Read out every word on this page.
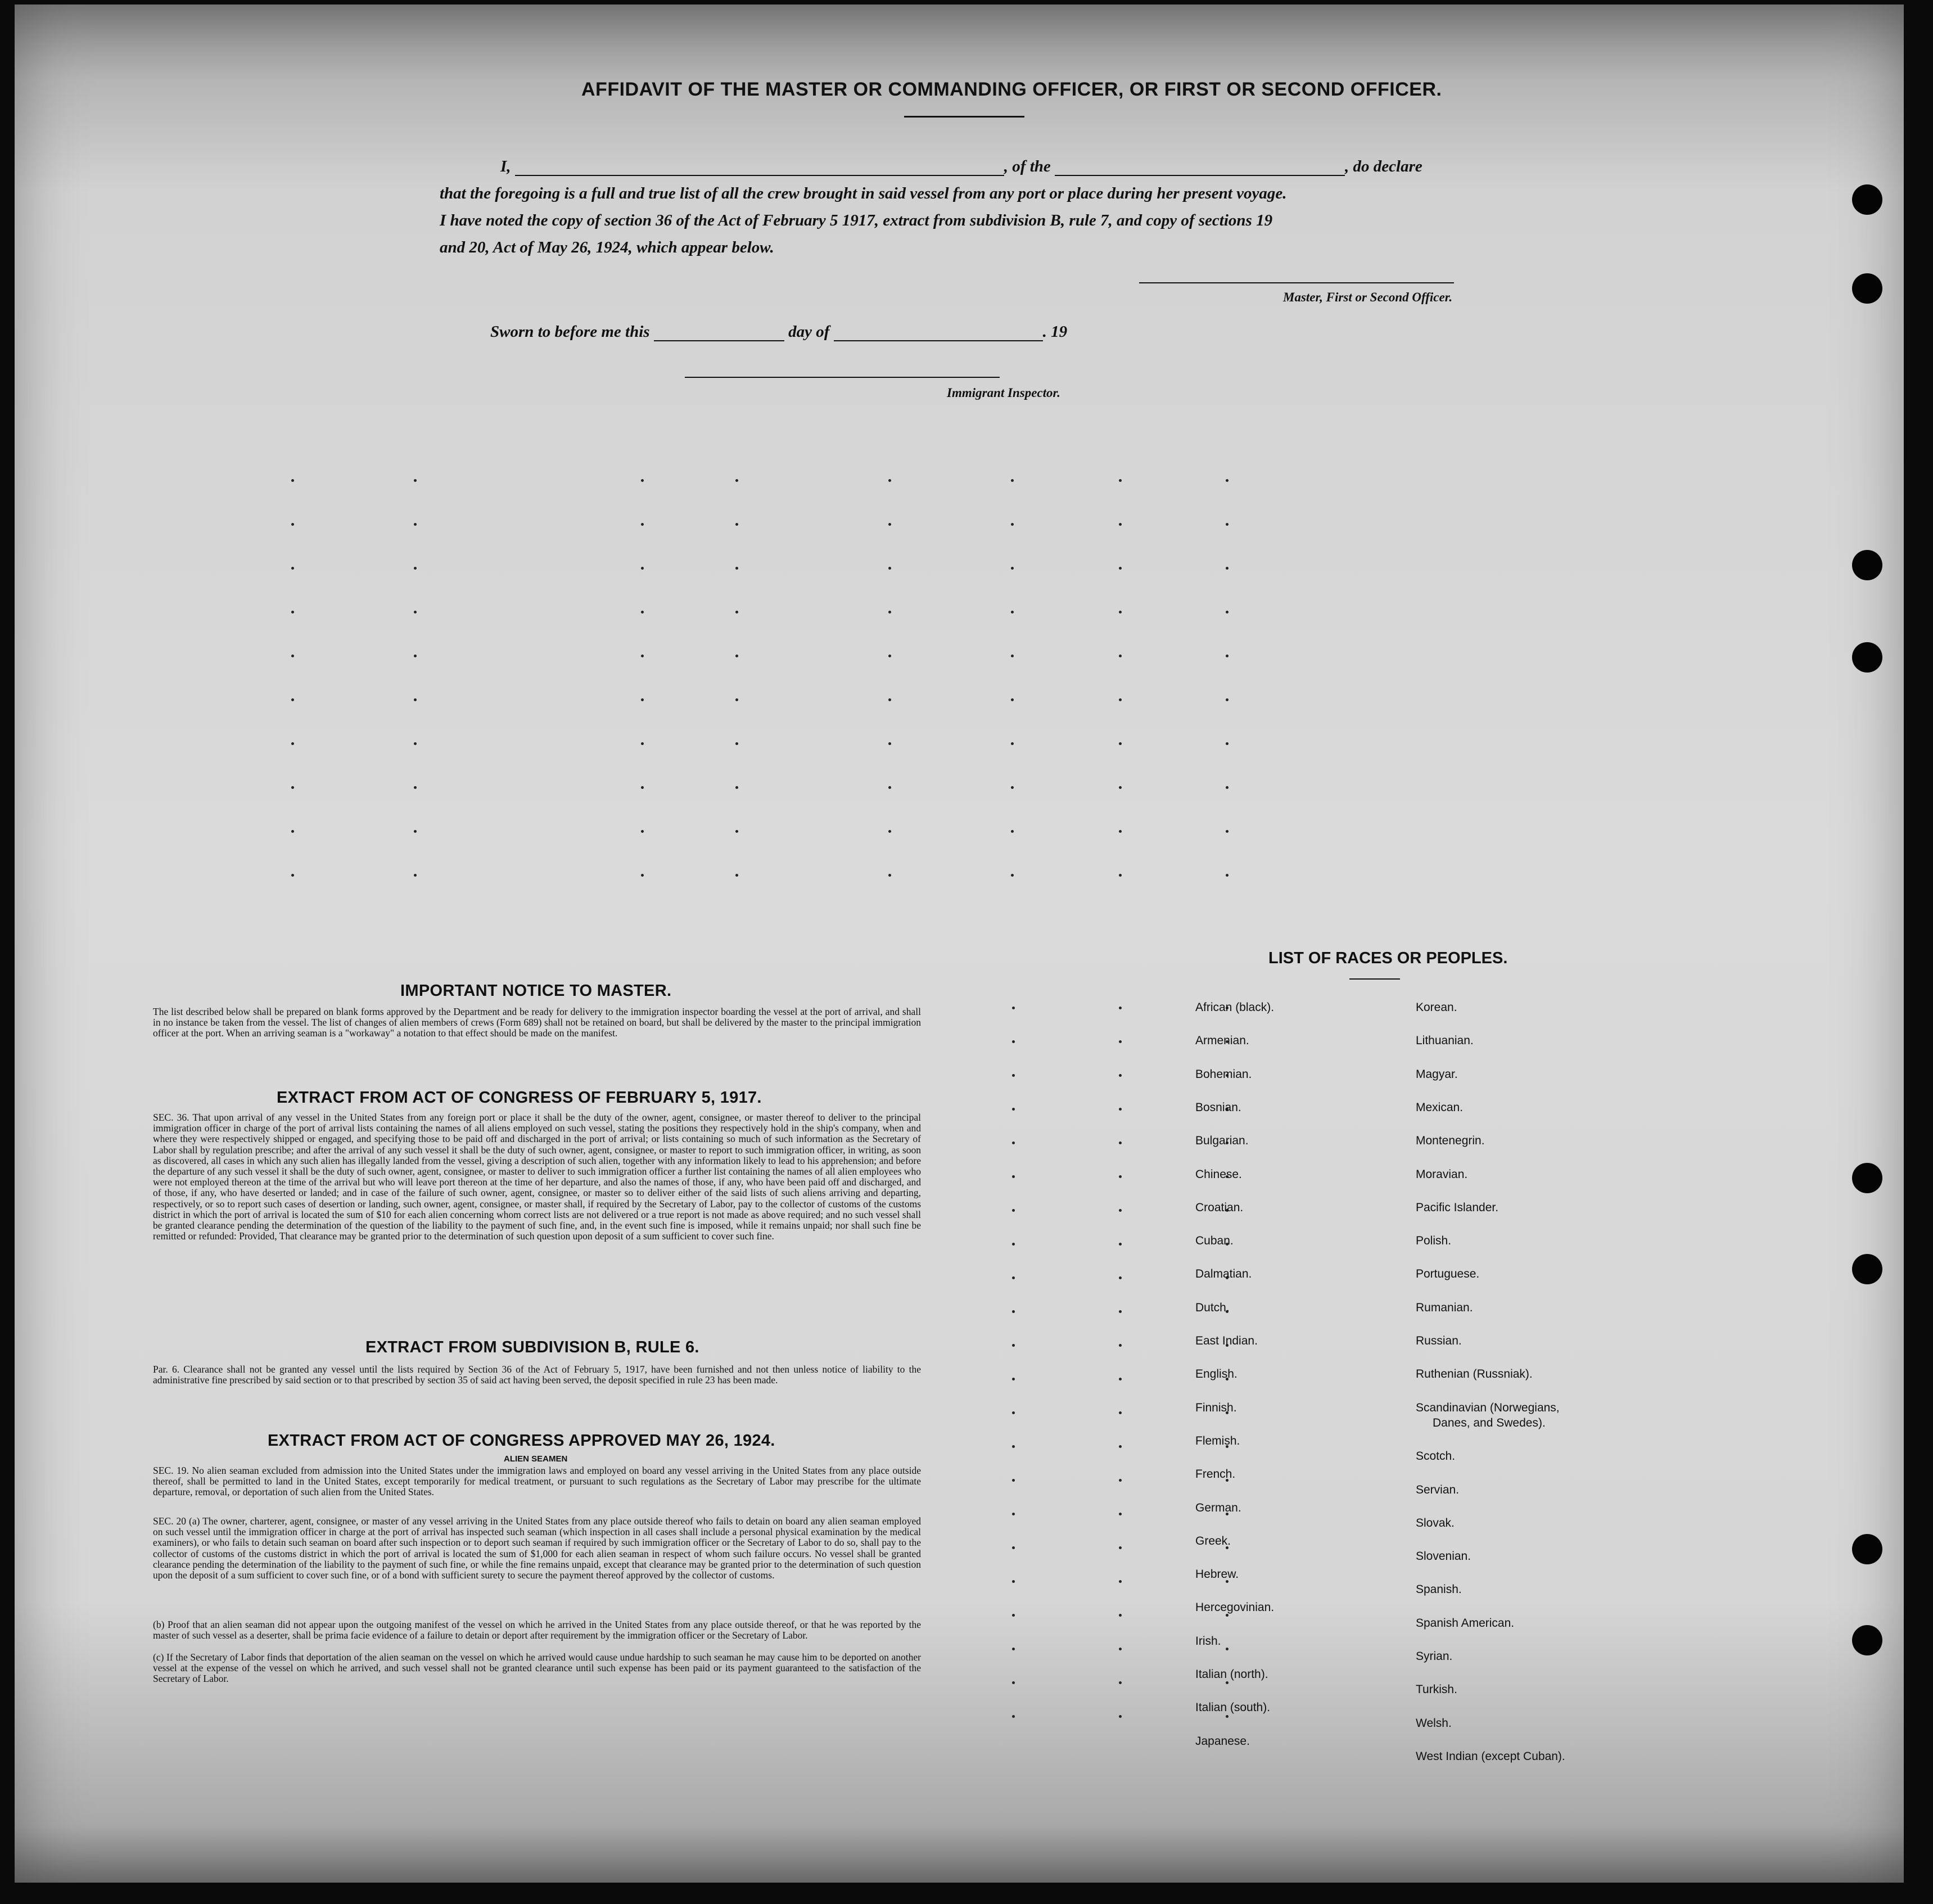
AFFIDAVIT OF THE MASTER OR COMMANDING OFFICER, OR FIRST OR SECOND OFFICER.
I,	, of the	, do declare
that the foregoing is a full and true list of all the crew brought in said vessel from any port or place during her present voyage.
I have noted the copy of section 36 of the Act of February 5 1917, extract from subdivision B, rule 7, and copy of sections 19
and 20, Act of May 26, 1924, which appear below.
Master, First or Second Officer.
Sworn to before me this	day of	. 19
Immigrant Inspector.
IMPORTANT NOTICE TO MASTER.

The list described below shall be prepared on blank forms approved by the Department and be ready for delivery to the immigration inspector boarding the vessel at the port of arrival, and shall in no instance be taken from the vessel. The list of changes of alien members of crews (Form 689) shall not be retained on board, but shall be delivered by the master to the principal immigration officer at the port. When an arriving seaman is a "workaway" a notation to that effect should be made on the manifest.

EXTRACT FROM ACT OF CONGRESS OF FEBRUARY 5, 1917.

SEC. 36. That upon arrival of any vessel in the United States from any foreign port or place it shall be the duty of the owner, agent, consignee, or master thereof to deliver to the principal immigration officer in charge of the port of arrival lists containing the names of all aliens employed on such vessel, stating the positions they respectively hold in the ship's company, when and where they were respectively shipped or engaged, and specifying those to be paid off and discharged in the port of arrival; or lists containing so much of such information as the Secretary of Labor shall by regulation prescribe; and after the arrival of any such vessel it shall be the duty of such owner, agent, consignee, or master to report to such immigration officer, in writing, as soon as discovered, all cases in which any such alien has illegally landed from the vessel, giving a description of such alien, together with any information likely to lead to his apprehension; and before the departure of any such vessel it shall be the duty of such owner, agent, consignee, or master to deliver to such immigration officer a further list containing the names of all alien employees who were not employed thereon at the time of the arrival but who will leave port thereon at the time of her departure, and also the names of those, if any, who have been paid off and discharged, and of those, if any, who have deserted or landed; and in case of the failure of such owner, agent, consignee, or master so to deliver either of the said lists of such aliens arriving and departing, respectively, or so to report such cases of desertion or landing, such owner, agent, consignee, or master shall, if required by the Secretary of Labor, pay to the collector of customs of the customs district in which the port of arrival is located the sum of $10 for each alien concerning whom correct lists are not delivered or a true report is not made as above required; and no such vessel shall be granted clearance pending the determination of the question of the liability to the payment of such fine, and, in the event such fine is imposed, while it remains unpaid; nor shall such fine be remitted or refunded: Provided, That clearance may be granted prior to the determination of such question upon deposit of a sum sufficient to cover such fine.

EXTRACT FROM SUBDIVISION B, RULE 6.

Par. 6. Clearance shall not be granted any vessel until the lists required by Section 36 of the Act of February 5, 1917, have been furnished and not then unless notice of liability to the administrative fine prescribed by said section or to that prescribed by section 35 of said act having been served, the deposit specified in rule 23 has been made.

EXTRACT FROM ACT OF CONGRESS APPROVED MAY 26, 1924.
ALIEN SEAMEN

SEC. 19. No alien seaman excluded from admission into the United States under the immigration laws and employed on board any vessel arriving in the United States from any place outside thereof, shall be permitted to land in the United States, except temporarily for medical treatment, or pursuant to such regulations as the Secretary of Labor may prescribe for the ultimate departure, removal, or deportation of such alien from the United States.

SEC. 20 (a) The owner, charterer, agent, consignee, or master of any vessel arriving in the United States from any place outside thereof who fails to detain on board any alien seaman employed on such vessel until the immigration officer in charge at the port of arrival has inspected such seaman (which inspection in all cases shall include a personal physical examination by the medical examiners), or who fails to detain such seaman on board after such inspection or to deport such seaman if required by such immigration officer or the Secretary of Labor to do so, shall pay to the collector of customs of the customs district in which the port of arrival is located the sum of $1,000 for each alien seaman in respect of whom such failure occurs. No vessel shall be granted clearance pending the determination of the liability to the payment of such fine, or while the fine remains unpaid, except that clearance may be granted prior to the determination of such question upon the deposit of a sum sufficient to cover such fine, or of a bond with sufficient surety to secure the payment thereof approved by the collector of customs.

(b) Proof that an alien seaman did not appear upon the outgoing manifest of the vessel on which he arrived in the United States from any place outside thereof, or that he was reported by the master of such vessel as a deserter, shall be prima facie evidence of a failure to detain or deport after requirement by the immigration officer or the Secretary of Labor.

(c) If the Secretary of Labor finds that deportation of the alien seaman on the vessel on which he arrived would cause undue hardship to such seaman he may cause him to be deported on another vessel at the expense of the vessel on which he arrived, and such vessel shall not be granted clearance until such expense has been paid or its payment guaranteed to the satisfaction of the Secretary of Labor.

LIST OF RACES OR PEOPLES.
African (black).
Armenian.
Bohemian.
Bosnian.
Bulgarian.
Chinese.
Croatian.
Cuban.
Dalmatian.
Dutch.
East Indian.
English.
Finnish.
Flemish.
French.
German.
Greek.
Hebrew.
Hercegovinian.
Irish.
Italian (north).
Italian (south).
Japanese.
Korean.
Lithuanian.
Magyar.
Mexican.
Montenegrin.
Moravian.
Pacific Islander.
Polish.
Portuguese.
Rumanian.
Russian.
Ruthenian (Russniak).
Scandinavian (Norwegians,
Danes, and Swedes).
Scotch.
Servian.
Slovak.
Slovenian.
Spanish.
Spanish American.
Syrian.
Turkish.
Welsh.
West Indian (except Cuban).
